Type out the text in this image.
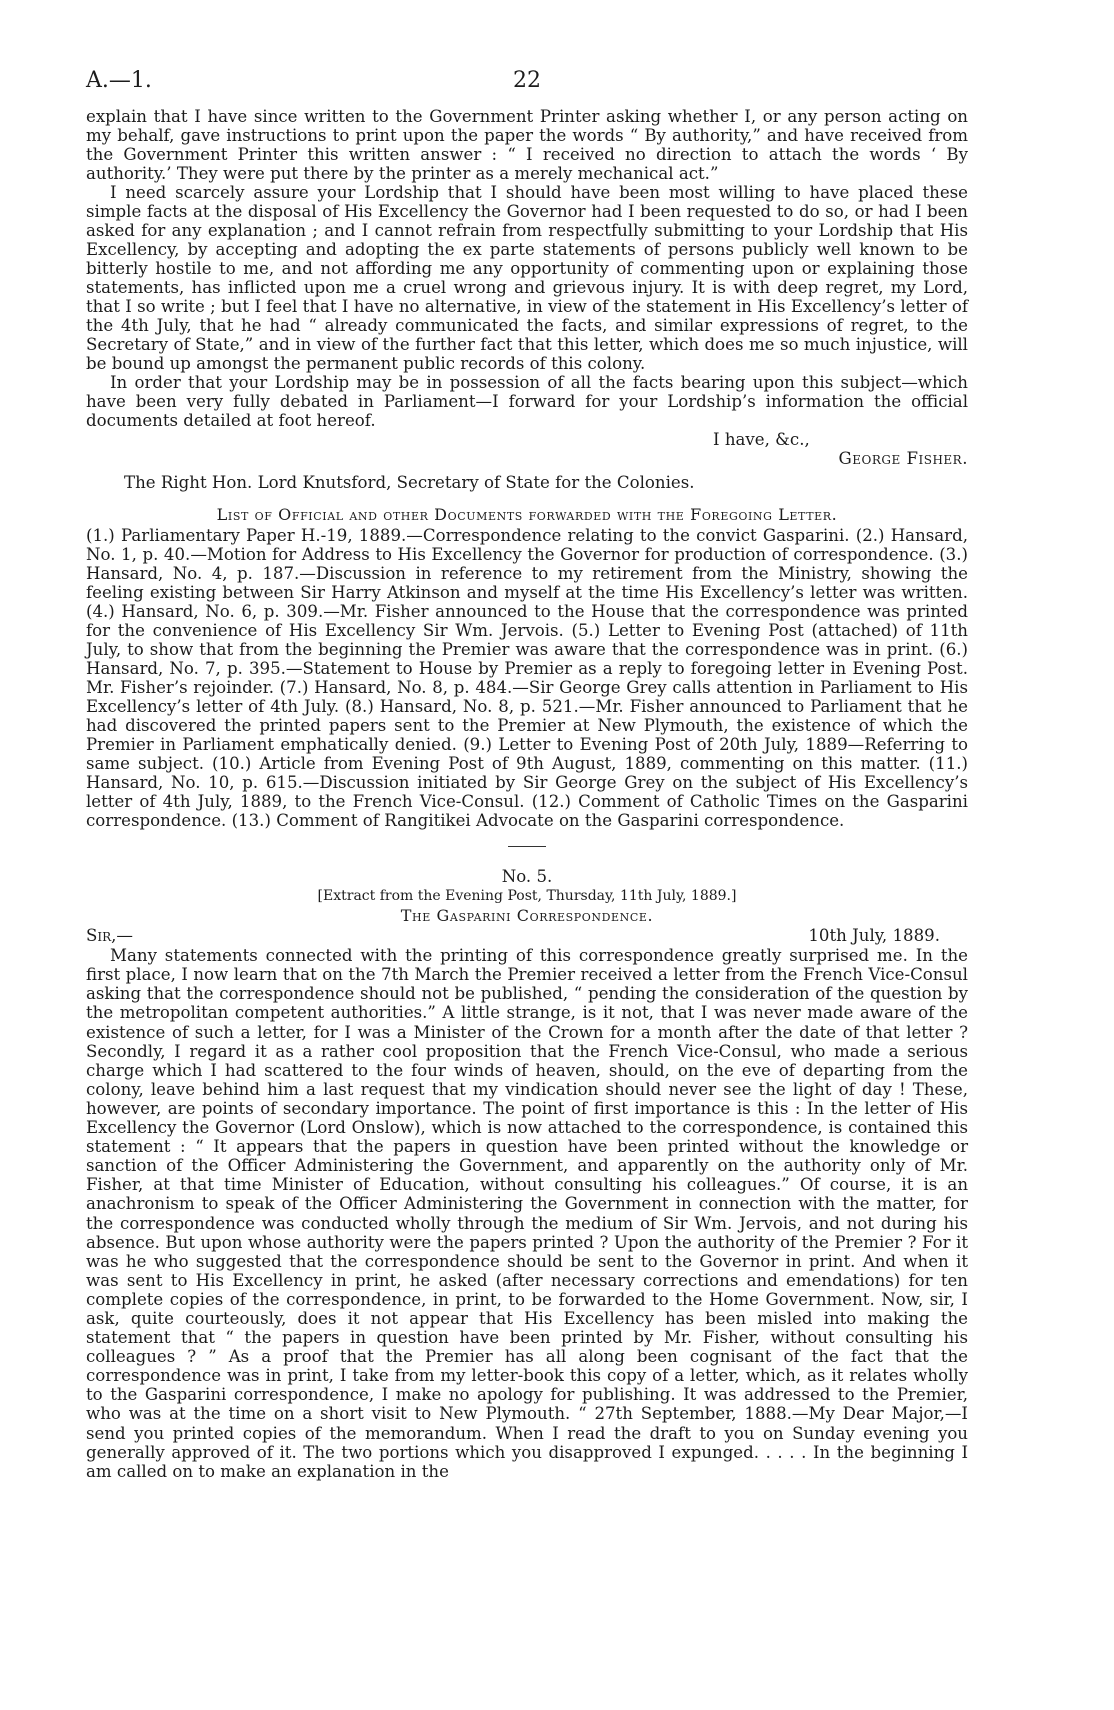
A.—1.	22

explain that I have since written to the Government Printer asking whether I, or any person acting on my behalf, gave instructions to print upon the paper the words “ By authority,” and have received from the Government Printer this written answer : “ I received no direction to attach the words ‘ By authority.’ They were put there by the printer as a merely mechanical act.”

I need scarcely assure your Lordship that I should have been most willing to have placed these simple facts at the disposal of His Excellency the Governor had I been requested to do so, or had I been asked for any explanation ; and I cannot refrain from respectfully submitting to your Lordship that His Excellency, by accepting and adopting the ex parte statements of persons publicly well known to be bitterly hostile to me, and not affording me any opportunity of commenting upon or explaining those statements, has inflicted upon me a cruel wrong and grievous injury. It is with deep regret, my Lord, that I so write ; but I feel that I have no alternative, in view of the statement in His Excellency’s letter of the 4th July, that he had “ already communicated the facts, and similar expressions of regret, to the Secretary of State,” and in view of the further fact that this letter, which does me so much injustice, will be bound up amongst the permanent public records of this colony.

In order that your Lordship may be in possession of all the facts bearing upon this subject—which have been very fully debated in Parliament—I forward for your Lordship’s information the official documents detailed at foot hereof.

I have, &c.,
George Fisher.
The Right Hon. Lord Knutsford, Secretary of State for the Colonies.
List of Official and other Documents forwarded with the Foregoing Letter.

(1.) Parliamentary Paper H.-19, 1889.—Correspondence relating to the convict Gasparini. (2.) Hansard, No. 1, p. 40.—Motion for Address to His Excellency the Governor for production of correspondence. (3.) Hansard, No. 4, p. 187.—Discussion in reference to my retirement from the Ministry, showing the feeling existing between Sir Harry Atkinson and myself at the time His Excellency’s letter was written. (4.) Hansard, No. 6, p. 309.—Mr. Fisher announced to the House that the correspondence was printed for the convenience of His Excellency Sir Wm. Jervois. (5.) Letter to Evening Post (attached) of 11th July, to show that from the beginning the Premier was aware that the correspondence was in print. (6.) Hansard, No. 7, p. 395.—Statement to House by Premier as a reply to foregoing letter in Evening Post. Mr. Fisher’s rejoinder. (7.) Hansard, No. 8, p. 484.—Sir George Grey calls attention in Parliament to His Excellency’s letter of 4th July. (8.) Hansard, No. 8, p. 521.—Mr. Fisher announced to Parliament that he had discovered the printed papers sent to the Premier at New Plymouth, the existence of which the Premier in Parliament emphatically denied. (9.) Letter to Evening Post of 20th July, 1889—Referring to same subject. (10.) Article from Evening Post of 9th August, 1889, commenting on this matter. (11.) Hansard, No. 10, p. 615.—Discussion initiated by Sir George Grey on the subject of His Excellency’s letter of 4th July, 1889, to the French Vice-Consul. (12.) Comment of Catholic Times on the Gasparini correspondence. (13.) Comment of Rangitikei Advocate on the Gasparini correspondence.

No. 5.
[Extract from the Evening Post, Thursday, 11th July, 1889.]
The Gasparini Correspondence.
Sir,—	10th July, 1889.

Many statements connected with the printing of this correspondence greatly surprised me. In the first place, I now learn that on the 7th March the Premier received a letter from the French Vice-Consul asking that the correspondence should not be published, “ pending the consideration of the question by the metropolitan competent authorities.” A little strange, is it not, that I was never made aware of the existence of such a letter, for I was a Minister of the Crown for a month after the date of that letter ? Secondly, I regard it as a rather cool proposition that the French Vice-Consul, who made a serious charge which I had scattered to the four winds of heaven, should, on the eve of departing from the colony, leave behind him a last request that my vindication should never see the light of day ! These, however, are points of secondary importance. The point of first importance is this : In the letter of His Excellency the Governor (Lord Onslow), which is now attached to the correspondence, is contained this statement : “ It appears that the papers in question have been printed without the knowledge or sanction of the Officer Administering the Government, and apparently on the authority only of Mr. Fisher, at that time Minister of Education, without consulting his colleagues.” Of course, it is an anachronism to speak of the Officer Administering the Government in connection with the matter, for the correspondence was conducted wholly through the medium of Sir Wm. Jervois, and not during his absence. But upon whose authority were the papers printed ? Upon the authority of the Premier ? For it was he who suggested that the correspondence should be sent to the Governor in print. And when it was sent to His Excellency in print, he asked (after necessary corrections and emendations) for ten complete copies of the correspondence, in print, to be forwarded to the Home Government. Now, sir, I ask, quite courteously, does it not appear that His Excellency has been misled into making the statement that “ the papers in question have been printed by Mr. Fisher, without consulting his colleagues ? ” As a proof that the Premier has all along been cognisant of the fact that the correspondence was in print, I take from my letter-book this copy of a letter, which, as it relates wholly to the Gasparini correspondence, I make no apology for publishing. It was addressed to the Premier, who was at the time on a short visit to New Plymouth. “ 27th September, 1888.—My Dear Major,—I send you printed copies of the memorandum. When I read the draft to you on Sunday evening you generally approved of it. The two portions which you disapproved I expunged. . . . . In the beginning I am called on to make an explanation in the
